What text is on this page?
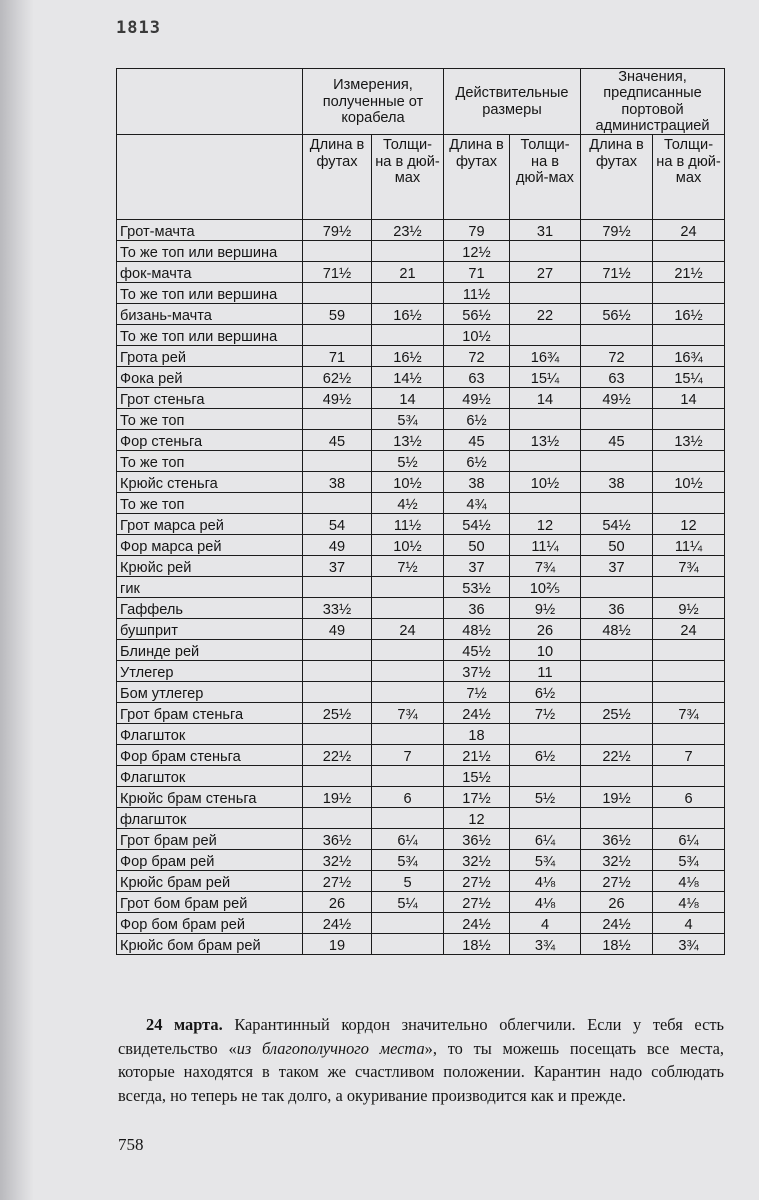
1813
	Измерения, полученные от корабела		Действительные размеры		Значения, предписанные портовой администрацией	
	Длина в футах	Толщи-на в дюй-мах	Длина в футах	Толщи-на в дюй-мах	Длина в футах	Толщи-на в дюй-мах
Грот-мачта	79½	23½	79	31	79½	24
То же топ или вершина			12½			
фок-мачта	71½	21	71	27	71½	21½
То же топ или вершина			11½			
бизань-мачта	59	16½	56½	22	56½	16½
То же топ или вершина			10½			
Грота рей	71	16½	72	16¾	72	16¾
Фока рей	62½	14½	63	15¼	63	15¼
Грот стеньга	49½	14	49½	14	49½	14
То же топ		5¾	6½			
Фор стеньга	45	13½	45	13½	45	13½
То же топ		5½	6½			
Крюйс стеньга	38	10½	38	10½	38	10½
То же топ		4½	4¾			
Грот марса рей	54	11½	54½	12	54½	12
Фор марса рей	49	10½	50	11¼	50	11¼
Крюйс рей	37	7½	37	7¾	37	7¾
гик			53½	10⅖		
Гаффель	33½		36	9½	36	9½
бушприт	49	24	48½	26	48½	24
Блинде рей			45½	10		
Утлегер			37½	11		
Бом утлегер			7½	6½		
Грот брам стеньга	25½	7¾	24½	7½	25½	7¾
Флагшток			18			
Фор брам стеньга	22½	7	21½	6½	22½	7
Флагшток			15½			
Крюйс брам стеньга	19½	6	17½	5½	19½	6
флагшток			12			
Грот брам рей	36½	6¼	36½	6¼	36½	6¼
Фор брам рей	32½	5¾	32½	5¾	32½	5¾
Крюйс брам рей	27½	5	27½	4⅛	27½	4⅛
Грот бом брам рей	26	5¼	27½	4⅛	26	4⅛
Фор бом брам рей	24½		24½	4	24½	4
Крюйс бом брам рей	19		18½	3¾	18½	3¾

24 марта. Карантинный кордон значительно облегчили. Если у тебя есть свидетельство «из благополучного места», то ты можешь посещать все места, которые находятся в таком же счастливом положении. Карантин надо соблюдать всегда, но теперь не так долго, а окуривание производится как и прежде.

758
